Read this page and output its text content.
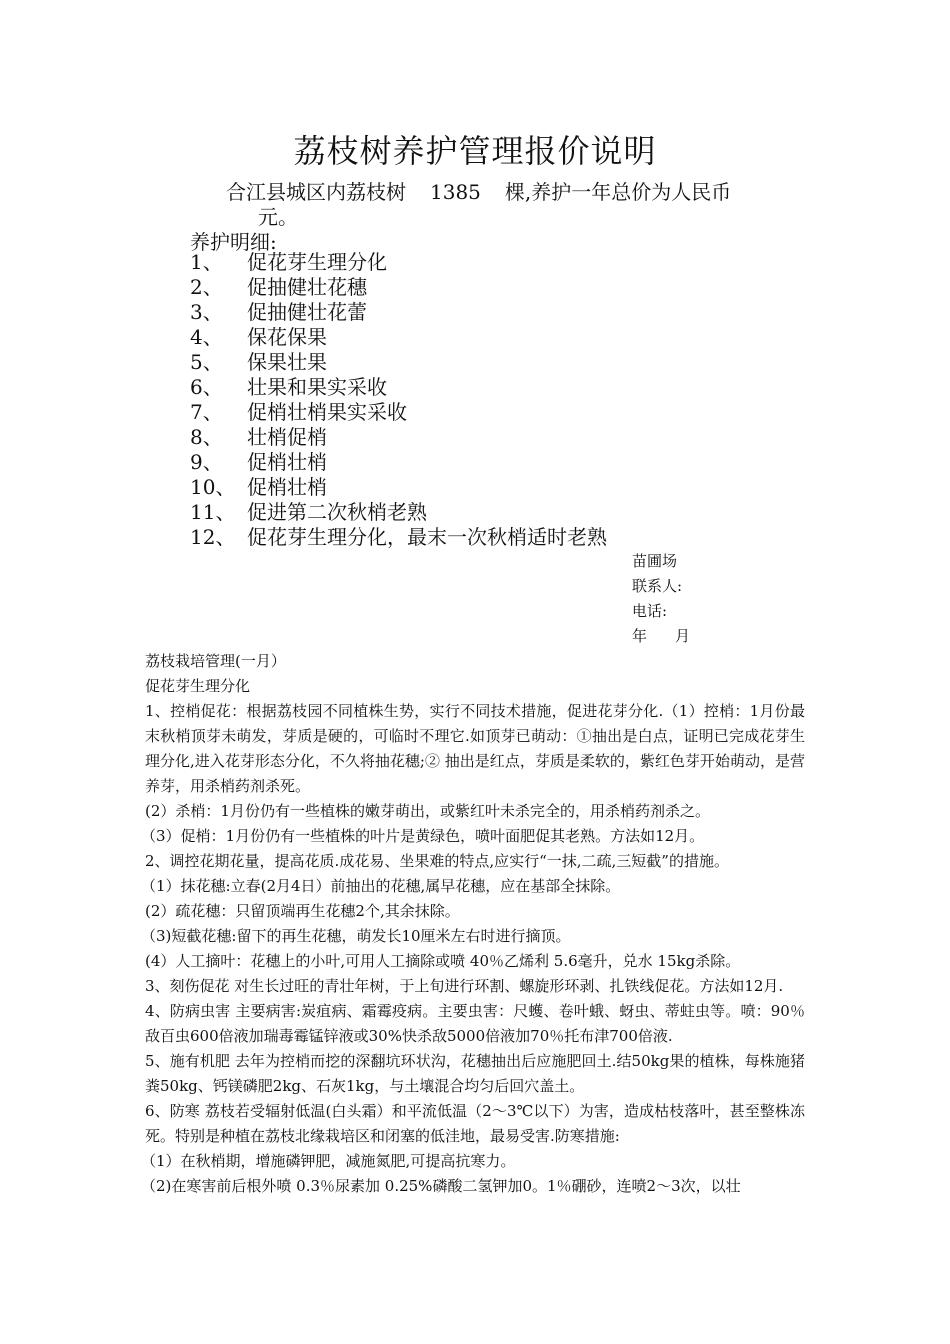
荔枝树养护管理报价说明
合江县城区内荔枝树 1385 棵,养护一年总价为人民币
元。
养护明细:
1、 促花芽生理分化
2、 促抽健壮花穗
3、 促抽健壮花蕾
4、 保花保果
5、 保果壮果
6、 壮果和果实采收
7、 促梢壮梢果实采收
8、 壮梢促梢
9、 促梢壮梢
10、 促梢壮梢
11、 促进第二次秋梢老熟
12、 促花芽生理分化，最末一次秋梢适时老熟
苗圃场
联系人:
电话:
年 月

荔枝栽培管理(一月）

促花芽生理分化

1、控梢促花：根据荔枝园不同植株生势，实行不同技术措施，促进花芽分化.（1）控梢：1月份最末秋梢顶芽未萌发，芽质是硬的，可临时不理它.如顶芽已萌动：①抽出是白点，证明已完成花芽生理分化,进入花芽形态分化，不久将抽花穗;② 抽出是红点，芽质是柔软的，紫红色芽开始萌动，是营养芽，用杀梢药剂杀死。

(2）杀梢：1月份仍有一些植株的嫩芽萌出，或紫红叶未杀完全的，用杀梢药剂杀之。

（3）促梢：1月份仍有一些植株的叶片是黄绿色，喷叶面肥促其老熟。方法如12月。

2、调控花期花量，提高花质.成花易、坐果难的特点,应实行“一抹,二疏,三短截”的措施。

（1）抹花穗:立春(2月4日）前抽出的花穗,属早花穗，应在基部全抹除。

(2）疏花穗：只留顶端再生花穗2个,其余抹除。

（3)短截花穗:留下的再生花穗，萌发长10厘米左右时进行摘顶。

(4）人工摘叶：花穗上的小叶,可用人工摘除或喷 40％乙烯利 5.6毫升，兑水 15kg杀除。

3、刻伤促花 对生长过旺的青壮年树，于上旬进行环割、螺旋形环剥、扎铁线促花。方法如12月.

4、防病虫害 主要病害:炭疽病、霜霉疫病。主要虫害：尺蠖、卷叶蛾、蚜虫、蒂蛀虫等。喷：90％敌百虫600倍液加瑞毒霉锰锌液或30%快杀敌5000倍液加70％托布津700倍液.

5、施有机肥 去年为控梢而挖的深翻坑环状沟，花穗抽出后应施肥回土.结50kg果的植株，每株施猪粪50kg、钙镁磷肥2kg、石灰1kg，与土壤混合均匀后回穴盖土。

6、防寒 荔枝若受辐射低温(白头霜）和平流低温（2～3℃以下）为害，造成枯枝落叶，甚至整株冻死。特别是种植在荔枝北缘栽培区和闭塞的低洼地，最易受害.防寒措施:

（1）在秋梢期，增施磷钾肥，减施氮肥,可提高抗寒力。

（2)在寒害前后根外喷 0.3％尿素加 0.25%磷酸二氢钾加0。1％硼砂，连喷2～3次，以壮
